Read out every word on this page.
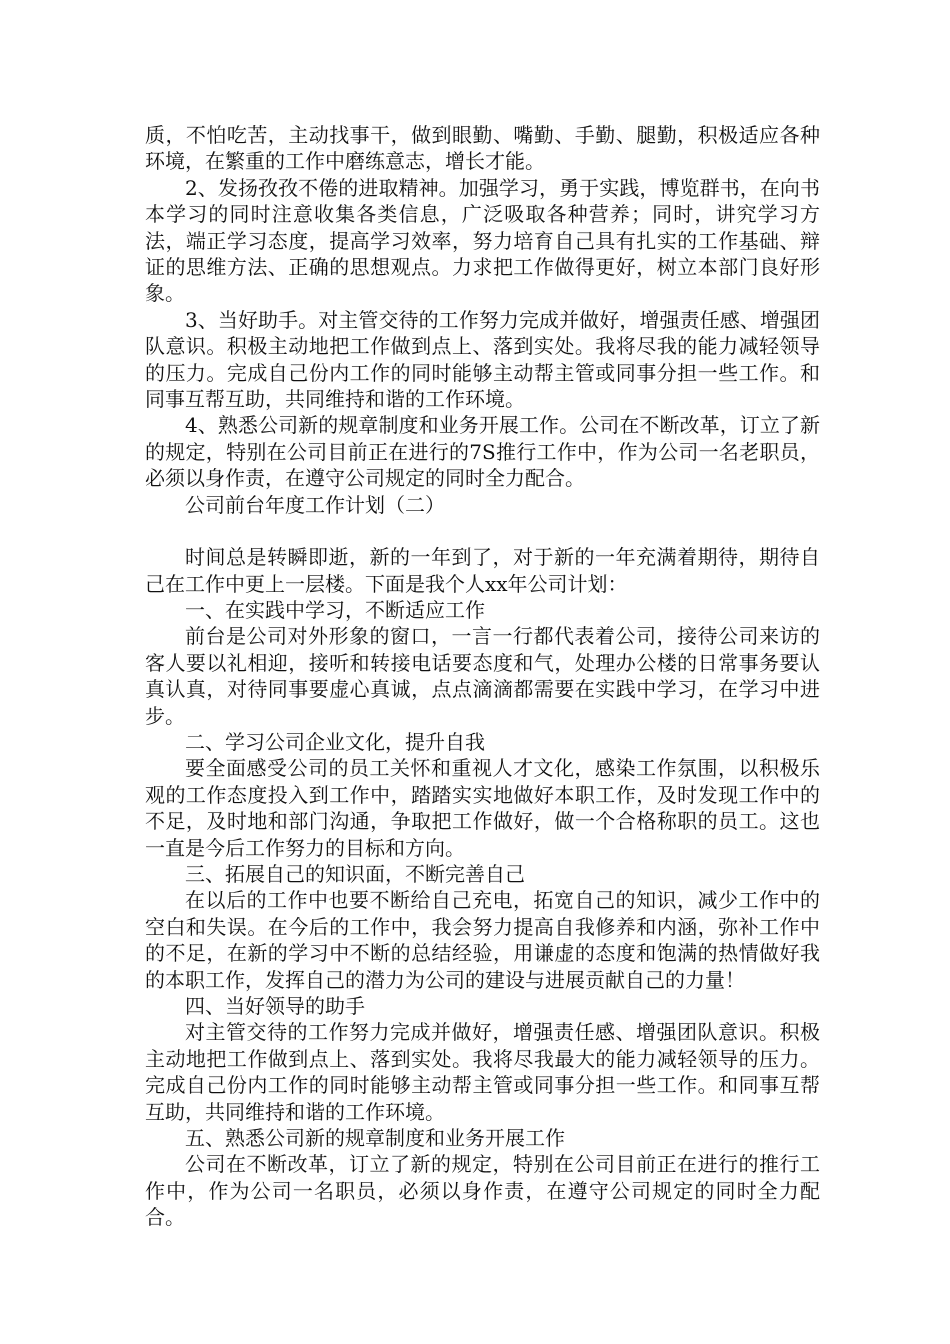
质，不怕吃苦，主动找事干，做到眼勤、嘴勤、手勤、腿勤，积极适应各种环境，在繁重的工作中磨练意志，增长才能。

2、发扬孜孜不倦的进取精神。加强学习，勇于实践，博览群书，在向书本学习的同时注意收集各类信息，广泛吸取各种营养；同时，讲究学习方法，端正学习态度，提高学习效率，努力培育自己具有扎实的工作基础、辩证的思维方法、正确的思想观点。力求把工作做得更好，树立本部门良好形象。

3、当好助手。对主管交待的工作努力完成并做好，增强责任感、增强团队意识。积极主动地把工作做到点上、落到实处。我将尽我的能力减轻领导的压力。完成自己份内工作的同时能够主动帮主管或同事分担一些工作。和同事互帮互助，共同维持和谐的工作环境。

4、熟悉公司新的规章制度和业务开展工作。公司在不断改革，订立了新的规定，特别在公司目前正在进行的7S推行工作中，作为公司一名老职员，必须以身作责，在遵守公司规定的同时全力配合。

公司前台年度工作计划（二）

时间总是转瞬即逝，新的一年到了，对于新的一年充满着期待，期待自己在工作中更上一层楼。下面是我个人xx年公司计划：

一、在实践中学习，不断适应工作

前台是公司对外形象的窗口，一言一行都代表着公司，接待公司来访的客人要以礼相迎，接听和转接电话要态度和气，处理办公楼的日常事务要认真认真，对待同事要虚心真诚，点点滴滴都需要在实践中学习，在学习中进步。

二、学习公司企业文化，提升自我

要全面感受公司的员工关怀和重视人才文化，感染工作氛围，以积极乐观的工作态度投入到工作中，踏踏实实地做好本职工作，及时发现工作中的不足，及时地和部门沟通，争取把工作做好，做一个合格称职的员工。这也一直是今后工作努力的目标和方向。

三、拓展自己的知识面，不断完善自己

在以后的工作中也要不断给自己充电，拓宽自己的知识，减少工作中的空白和失误。在今后的工作中，我会努力提高自我修养和内涵，弥补工作中的不足，在新的学习中不断的总结经验，用谦虚的态度和饱满的热情做好我的本职工作，发挥自己的潜力为公司的建设与进展贡献自己的力量！

四、当好领导的助手

对主管交待的工作努力完成并做好，增强责任感、增强团队意识。积极主动地把工作做到点上、落到实处。我将尽我最大的能力减轻领导的压力。完成自己份内工作的同时能够主动帮主管或同事分担一些工作。和同事互帮互助，共同维持和谐的工作环境。

五、熟悉公司新的规章制度和业务开展工作

公司在不断改革，订立了新的规定，特别在公司目前正在进行的推行工作中，作为公司一名职员，必须以身作责，在遵守公司规定的同时全力配合。
